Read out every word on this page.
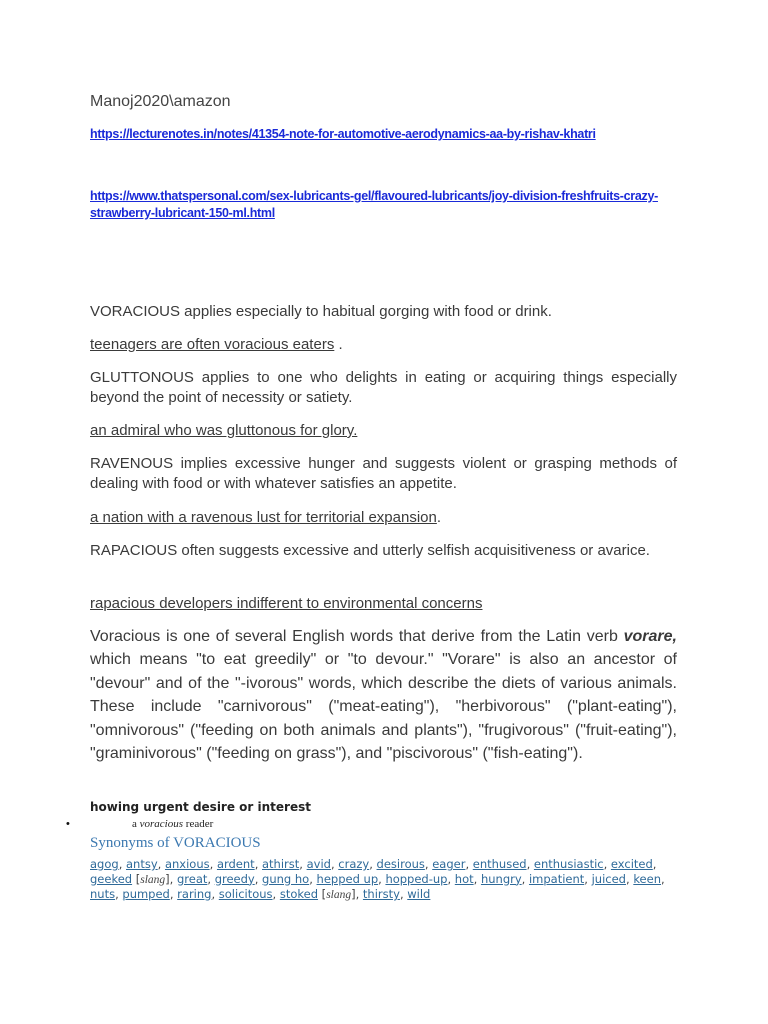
Manoj2020\amazon
https://lecturenotes.in/notes/41354-note-for-automotive-aerodynamics-aa-by-rishav-khatri
https://www.thatspersonal.com/sex-lubricants-gel/flavoured-lubricants/joy-division-freshfruits-crazy-strawberry-lubricant-150-ml.html
VORACIOUS applies especially to habitual gorging with food or drink.
teenagers are often voracious eaters .
GLUTTONOUS applies to one who delights in eating or acquiring things especially beyond the point of necessity or satiety.
an admiral who was gluttonous for glory.
RAVENOUS implies excessive hunger and suggests violent or grasping methods of dealing with food or with whatever satisfies an appetite.
a nation with a ravenous lust for territorial expansion.
RAPACIOUS often suggests excessive and utterly selfish acquisitiveness or avarice.
rapacious developers indifferent to environmental concerns
Voracious is one of several English words that derive from the Latin verb vorare, which means "to eat greedily" or "to devour." "Vorare" is also an ancestor of "devour" and of the "-ivorous" words, which describe the diets of various animals. These include "carnivorous" ("meat-eating"), "herbivorous" ("plant-eating"), "omnivorous" ("feeding on both animals and plants"), "frugivorous" ("fruit-eating"), "graminivorous" ("feeding on grass"), and "piscivorous" ("fish-eating").
howing urgent desire or interest
•	a voracious reader
Synonyms of VORACIOUS
agog, antsy, anxious, ardent, athirst, avid, crazy, desirous, eager, enthused, enthusiastic, excited, geeked [slang], great, greedy, gung ho, hepped up, hopped-up, hot, hungry, impatient, juiced, keen, nuts, pumped, raring, solicitous, stoked [slang], thirsty, wild
